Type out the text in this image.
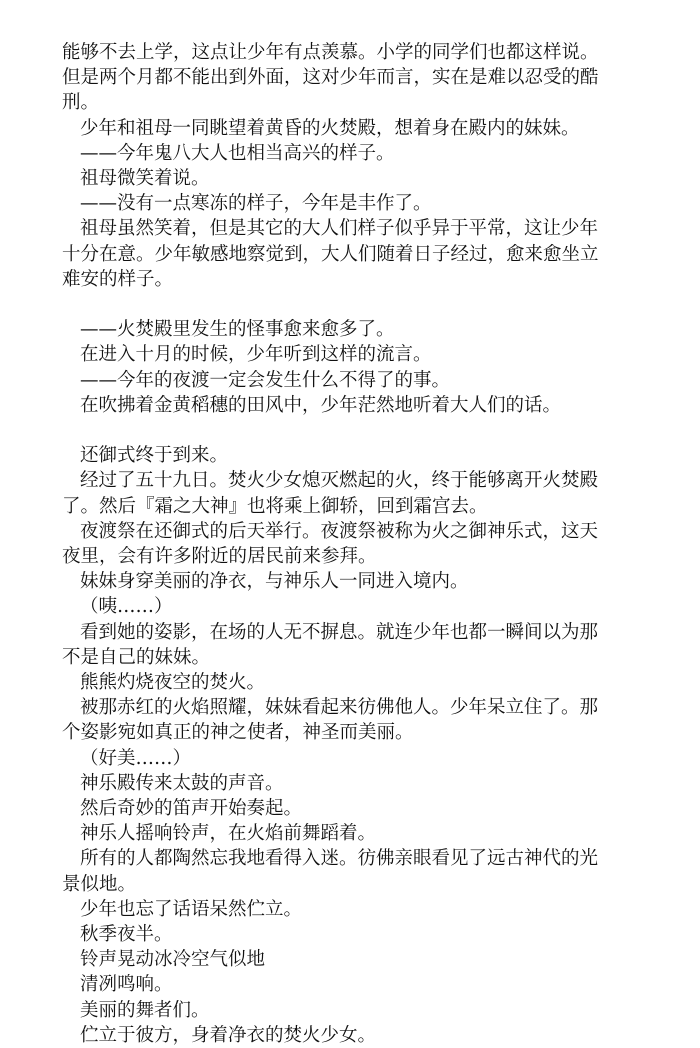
能够不去上学，这点让少年有点羡慕。小学的同学们也都这样说。

但是两个月都不能出到外面，这对少年而言，实在是难以忍受的酷

刑。

少年和祖母一同眺望着黄昏的火焚殿，想着身在殿内的妹妹。

——今年鬼八大人也相当高兴的样子。

祖母微笑着说。

——没有一点寒冻的样子，今年是丰作了。

祖母虽然笑着，但是其它的大人们样子似乎异于平常，这让少年

十分在意。少年敏感地察觉到，大人们随着日子经过，愈来愈坐立

难安的样子。

——火焚殿里发生的怪事愈来愈多了。

在进入十月的时候，少年听到这样的流言。

——今年的夜渡一定会发生什么不得了的事。

在吹拂着金黄稻穗的田风中，少年茫然地听着大人们的话。

还御式终于到来。

经过了五十九日。焚火少女熄灭燃起的火，终于能够离开火焚殿

了。然后『霜之大神』也将乘上御轿，回到霜宫去。

夜渡祭在还御式的后天举行。夜渡祭被称为火之御神乐式，这天

夜里，会有许多附近的居民前来参拜。

妹妹身穿美丽的净衣，与神乐人一同进入境内。

（咦……）

看到她的姿影，在场的人无不摒息。就连少年也都一瞬间以为那

不是自己的妹妹。

熊熊灼烧夜空的焚火。

被那赤红的火焰照耀，妹妹看起来彷佛他人。少年呆立住了。那

个姿影宛如真正的神之使者，神圣而美丽。

（好美……）

神乐殿传来太鼓的声音。

然后奇妙的笛声开始奏起。

神乐人摇响铃声，在火焰前舞蹈着。

所有的人都陶然忘我地看得入迷。彷佛亲眼看见了远古神代的光

景似地。

少年也忘了话语呆然伫立。

秋季夜半。

铃声晃动冰冷空气似地

清冽鸣响。

美丽的舞者们。

伫立于彼方，身着净衣的焚火少女。
